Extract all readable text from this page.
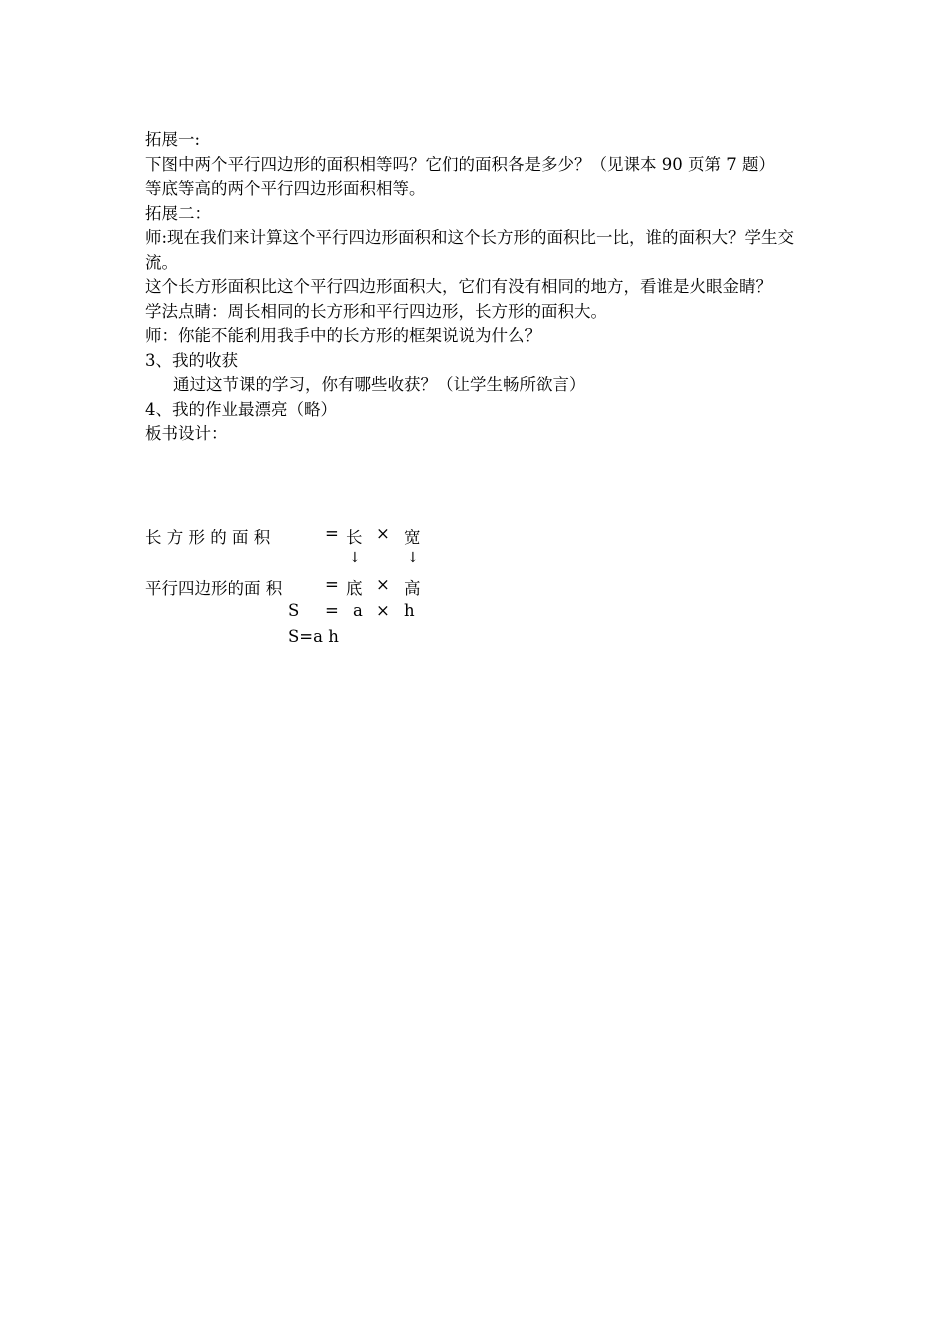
拓展一:

下图中两个平行四边形的面积相等吗？它们的面积各是多少？（见课本 90 页第 7 题）

等底等高的两个平行四边形面积相等。

拓展二：

师:现在我们来计算这个平行四边形面积和这个长方形的面积比一比，谁的面积大？学生交流。

这个长方形面积比这个平行四边形面积大，它们有没有相同的地方，看谁是火眼金睛？

学法点睛：周长相同的长方形和平行四边形，长方形的面积大。

师：你能不能利用我手中的长方形的框架说说为什么？

3、我的收获

通过这节课的学习，你有哪些收获？（让学生畅所欲言）

4、我的作业最漂亮（略）

板书设计：

长 方 形 的 面 积	= 长 × 宽
↓	↓
平行四边形的面 积	= 底 × 高
S = a × h
S=a h
